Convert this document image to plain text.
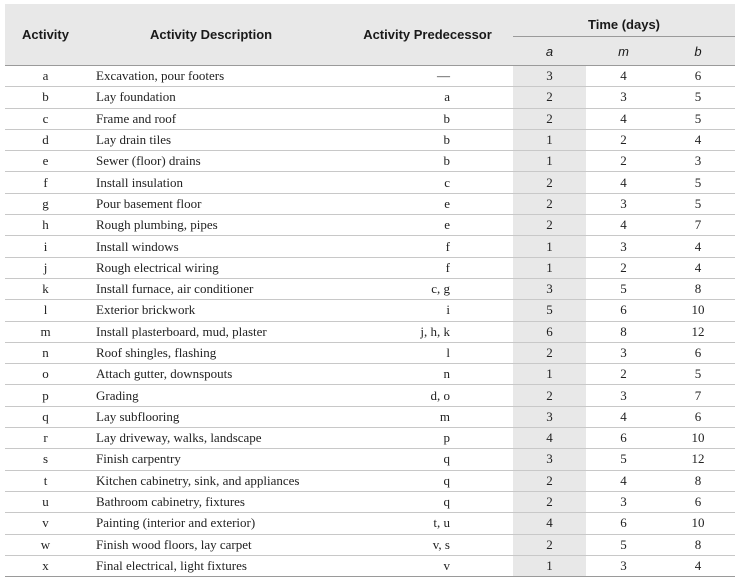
Activity	Activity Description	Activity Predecessor	Time (days)		
			a	m	b
a	Excavation, pour footers	—	3	4	6
b	Lay foundation	a	2	3	5
c	Frame and roof	b	2	4	5
d	Lay drain tiles	b	1	2	4
e	Sewer (floor) drains	b	1	2	3
f	Install insulation	c	2	4	5
g	Pour basement floor	e	2	3	5
h	Rough plumbing, pipes	e	2	4	7
i	Install windows	f	1	3	4
j	Rough electrical wiring	f	1	2	4
k	Install furnace, air conditioner	c, g	3	5	8
l	Exterior brickwork	i	5	6	10
m	Install plasterboard, mud, plaster	j, h, k	6	8	12
n	Roof shingles, flashing	l	2	3	6
o	Attach gutter, downspouts	n	1	2	5
p	Grading	d, o	2	3	7
q	Lay subflooring	m	3	4	6
r	Lay driveway, walks, landscape	p	4	6	10
s	Finish carpentry	q	3	5	12
t	Kitchen cabinetry, sink, and appliances	q	2	4	8
u	Bathroom cabinetry, fixtures	q	2	3	6
v	Painting (interior and exterior)	t, u	4	6	10
w	Finish wood floors, lay carpet	v, s	2	5	8
x	Final electrical, light fixtures	v	1	3	4
